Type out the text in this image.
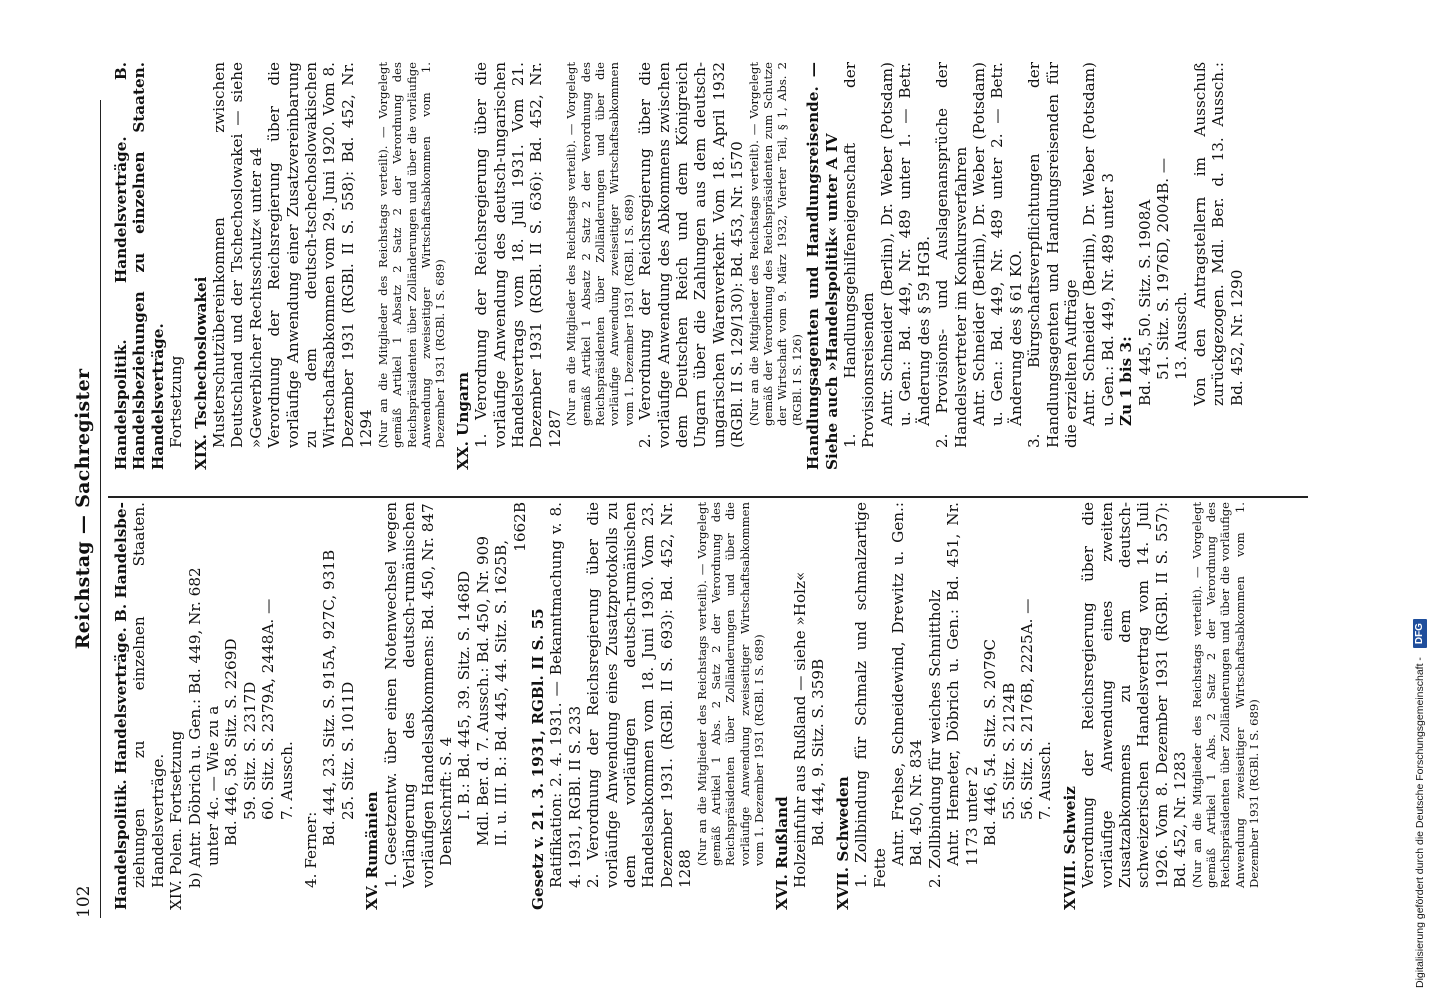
102
Reichstag — Sachregister Handelspolitik. Handelsverträge. B. Handelsbe- ziehungen zu einzelnen Staaten. Handelsverträge. XIV. Polen. Fortsetzung b) Antr. Döbrich u. Gen.: Bd. 449, Nr. 682 unter 4c. — Wie zu a Bd. 446, 58. Sitz. S. 2269D 59. Sitz. S. 2317D 60. Sitz. S. 2379A, 2448A. — 7. Aussch.
4. Ferner:
Bd. 444, 23. Sitz. S. 915A, 927C, 931B 25. Sitz. S. 1011D
XV. Rumänien 1. Gesetzentw. über einen Notenwechsel wegen Verlängerung des deutsch-rumänischen vorläufigen Handelsabkommens: Bd. 450, Nr. 847 Denkschrift: S. 4 I. B.: Bd. 445, 39. Sitz. S. 1468D Mdl. Ber. d. 7. Aussch.: Bd. 450, Nr. 909 II. u. III. B.: Bd. 445, 44. Sitz. S. 1625B,
1662B
Gesetz v. 21. 3. 1931, RGBl. II S. 55 Ratifikation: 2. 4. 1931. — Bekanntmachung v. 8. 4. 1931, RGBl. II S. 233 2. Verordnung der Reichsregierung über die vorläufige Anwendung eines Zusatzprotokolls zu dem vorläufigen deutsch-rumänischen Handelsabkommen vom 18. Juni 1930. Vom 23. Dezember 1931. (RGBl. II S. 693): Bd. 452, Nr. 1288
(Nur an die Mitglieder des Reichstags verteilt). — Vorgelegt gemäß Artikel 1 Abs. 2 Satz 2 der Verordnung des Reichspräsidenten über Zolländerungen und über die vorläufige Anwendung zweiseitiger Wirtschaftsabkommen vom 1. Dezember 1931 (RGBl. I S. 689) XVI. Rußland Holzeinfuhr aus Rußland — siehe »Holz« Bd. 444, 9. Sitz. S. 359B XVII. Schweden 1. Zollbindung für Schmalz und schmalzartige Fette
Antr. Frehse, Schneidewind, Drewitz u. Gen.: Bd. 450, Nr. 834 2. Zollbindung für weiches Schnittholz Antr. Hemeter, Döbrich u. Gen.: Bd. 451, Nr. 1173 unter 2 Bd. 446, 54. Sitz. S. 2079C 55. Sitz. S. 2124B 56. Sitz. S. 2176B, 2225A. — 7. Aussch.
XVIII. Schweiz Verordnung der Reichsregierung über die vorläufige Anwendung eines zweiten Zusatzabkommens zu dem deutsch-schweizerischen Handelsvertrag vom 14. Juli 1926. Vom 8. Dezember 1931 (RGBl. II S. 557): Bd. 452, Nr. 1283 (Nur an die Mitglieder des Reichstags verteilt). — Vorgelegt gemäß Artikel 1 Abs. 2 Satz 2 der Verordnung des Reichspräsidenten über Zolländerungen und über die vorläufige Anwendung zweiseitiger Wirtschaftsabkommen vom 1. Dezember 1931 (RGBl. I S. 689)
Handelspolitik. Handelsverträge. B. Handelsbeziehungen zu einzelnen Staaten. Handelsverträge. Fortsetzung XIX. Tschechoslowakei Musterschutzübereinkommen zwischen Deutschland und der Tschechoslowakei — siehe »Gewerblicher Rechtsschutz« unter a4 Verordnung der Reichsregierung über die vorläufige Anwendung einer Zusatzvereinbarung zu dem deutsch-tschechoslowakischen Wirtschaftsabkommen vom 29. Juni 1920. Vom 8. Dezember 1931 (RGBl. II S. 558): Bd. 452, Nr. 1294 (Nur an die Mitglieder des Reichstags verteilt). — Vorgelegt gemäß Artikel 1 Absatz 2 Satz 2 der Verordnung des Reichspräsidenten über Zolländerungen und über die vorläufige Anwendung zweiseitiger Wirtschaftsabkommen vom 1. Dezember 1931 (RGBl. I S. 689) XX. Ungarn 1. Verordnung der Reichsregierung über die vorläufige Anwendung des deutsch-ungarischen Handelsvertrags vom 18. Juli 1931. Vom 21. Dezember 1931 (RGBl. II S. 636): Bd. 452, Nr. 1287
(Nur an die Mitglieder des Reichstags verteilt). — Vorgelegt gemäß Artikel 1 Absatz 2 Satz 2 der Verordnung des Reichspräsidenten über Zolländerungen und über die vorläufige Anwendung zweiseitiger Wirtschaftsabkommen vom 1. Dezember 1931 (RGBl. I S. 689) 2. Verordnung der Reichsregierung über die vorläufige Anwendung des Abkommens zwischen dem Deutschen Reich und dem Königreich Ungarn über die Zahlungen aus dem deutsch-ungarischen Warenverkehr. Vom 18. April 1932 (RGBl. II S. 129/130): Bd. 453, Nr. 1570 (Nur an die Mitglieder des Reichstags verteilt). — Vorgelegt gemäß der Verordnung des Reichspräsidenten zum Schutze der Wirtschaft vom 9. März 1932, Vierter Teil, § 1, Abs. 2 (RGBl. I S. 126) Handlungsagenten und Handlungsreisende. — Siehe auch »Handelspolitik« unter A IV 1. Handlungsgehilfeneigenschaft der Provisionsreisenden Antr. Schneider (Berlin), Dr. Weber (Potsdam) u. Gen.: Bd. 449, Nr. 489 unter 1. — Betr. Änderung des § 59 HGB. 2. Provisions- und Auslagenansprüche der Handelsvertreter im Konkursverfahren Antr. Schneider (Berlin), Dr. Weber (Potsdam) u. Gen.: Bd. 449, Nr. 489 unter 2. — Betr. Änderung des § 61 KO. 3. Bürgschaftsverpflichtungen der Handlungsagenten und Handlungsreisenden für die erzielten Aufträge Antr. Schneider (Berlin), Dr. Weber (Potsdam) u. Gen.: Bd. 449, Nr. 489 unter 3 Zu 1 bis 3: Bd. 445, 50. Sitz. S. 1908A 51. Sitz. S. 1976D, 2004B. — 13. Aussch. Von den Antragstellern im Ausschuß zurückgezogen. Mdl. Ber. d. 13. Aussch.: Bd. 452, Nr. 1290
Digitalisierung gefördert durch die Deutsche Forschungsgemeinschaft - DFG
